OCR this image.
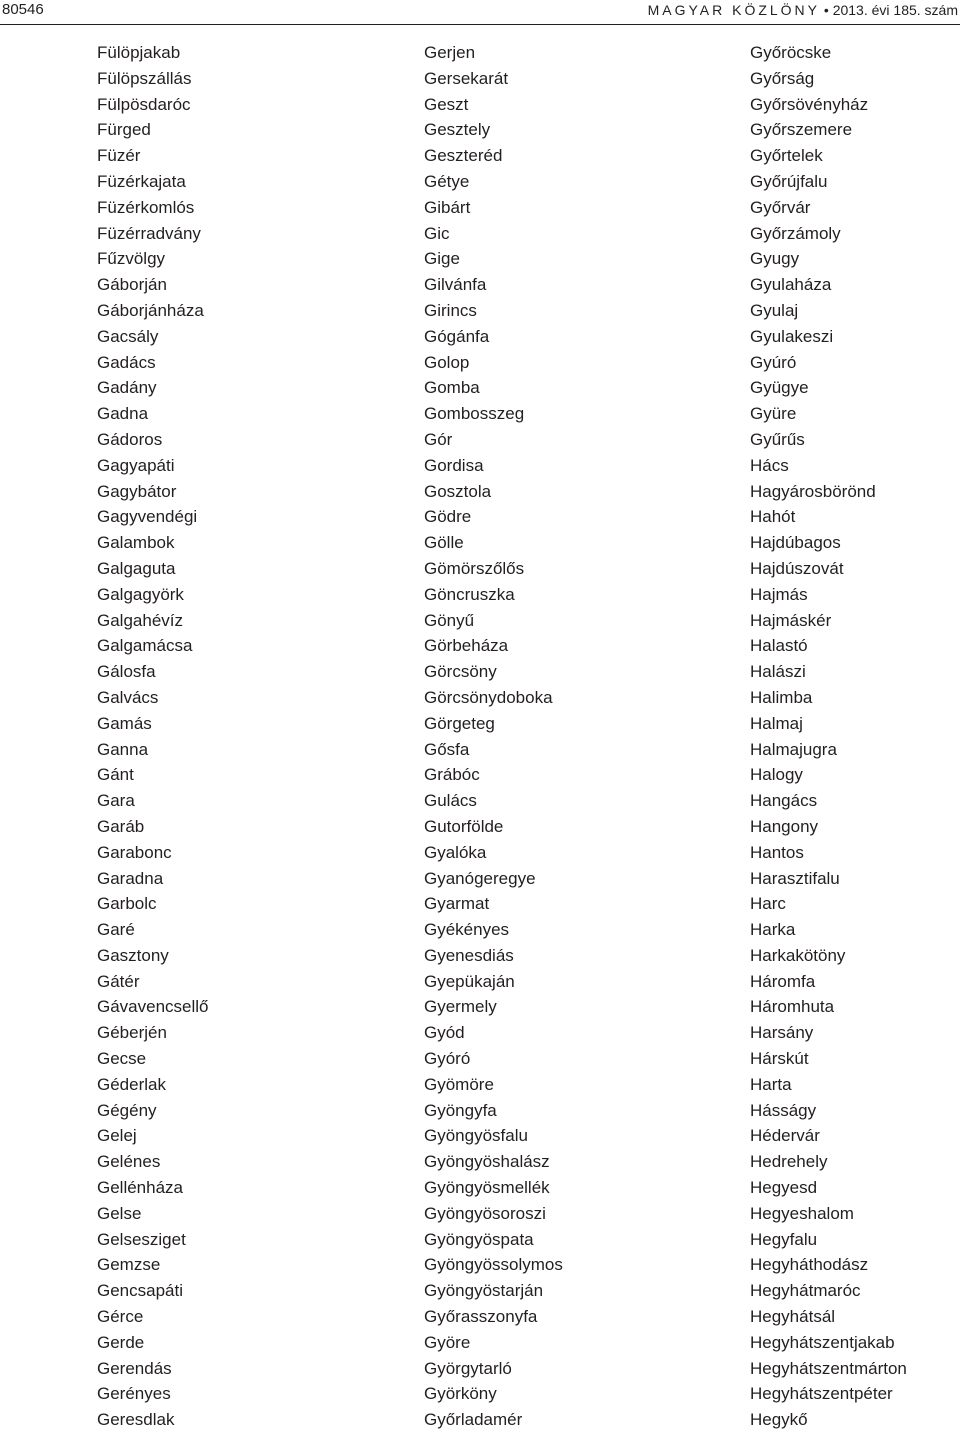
80546	MAGYAR KÖZLÖNY • 2013. évi 185. szám
Fülöpjakab
Fülöpszállás
Fülpösdaróc
Fürged
Füzér
Füzérkajata
Füzérkomlós
Füzérradvány
Fűzvölgy
Gáborján
Gáborjánháza
Gacsály
Gadács
Gadány
Gadna
Gádoros
Gagyapáti
Gagybátor
Gagyvendégi
Galambok
Galgaguta
Galgagyörk
Galgahévíz
Galgamácsa
Gálosfa
Galvács
Gamás
Ganna
Gánt
Gara
Garáb
Garabonc
Garadna
Garbolc
Garé
Gasztony
Gátér
Gávavencsellő
Géberjén
Gecse
Géderlak
Gégény
Gelej
Gelénes
Gellénháza
Gelse
Gelsesziget
Gemzse
Gencsapáti
Gérce
Gerde
Gerendás
Gerényes
Geresdlak
Gerjen
Gersekarát
Geszt
Gesztely
Geszteréd
Gétye
Gibárt
Gic
Gige
Gilvánfa
Girincs
Gógánfa
Golop
Gomba
Gombosszeg
Gór
Gordisa
Gosztola
Gödre
Gölle
Gömörszőlős
Göncruszka
Gönyű
Görbeháza
Görcsöny
Görcsönydoboka
Görgeteg
Gősfa
Grábóc
Gulács
Gutorfölde
Gyalóka
Gyanógeregye
Gyarmat
Gyékényes
Gyenesdiás
Gyepükaján
Gyermely
Gyód
Gyóró
Gyömöre
Gyöngyfa
Gyöngyösfalu
Gyöngyöshalász
Gyöngyösmellék
Gyöngyösoroszi
Gyöngyöspata
Gyöngyössolymos
Gyöngyöstarján
Győrasszonyfa
Györe
Györgytarló
Györköny
Győrladamér
Győröcske
Győrság
Győrsövényház
Győrszemere
Győrtelek
Győrújfalu
Győrvár
Győrzámoly
Gyugy
Gyulaháza
Gyulaj
Gyulakeszi
Gyúró
Gyügye
Gyüre
Gyűrűs
Hács
Hagyárosbörönd
Hahót
Hajdúbagos
Hajdúszovát
Hajmás
Hajmáskér
Halastó
Halászi
Halimba
Halmaj
Halmajugra
Halogy
Hangács
Hangony
Hantos
Harasztifalu
Harc
Harka
Harkakötöny
Háromfa
Háromhuta
Harsány
Hárskút
Harta
Hásságy
Hédervár
Hedrehely
Hegyesd
Hegyeshalom
Hegyfalu
Hegyháthodász
Hegyhátmaróc
Hegyhátsál
Hegyhátszentjakab
Hegyhátszentmárton
Hegyhátszentpéter
Hegykő
